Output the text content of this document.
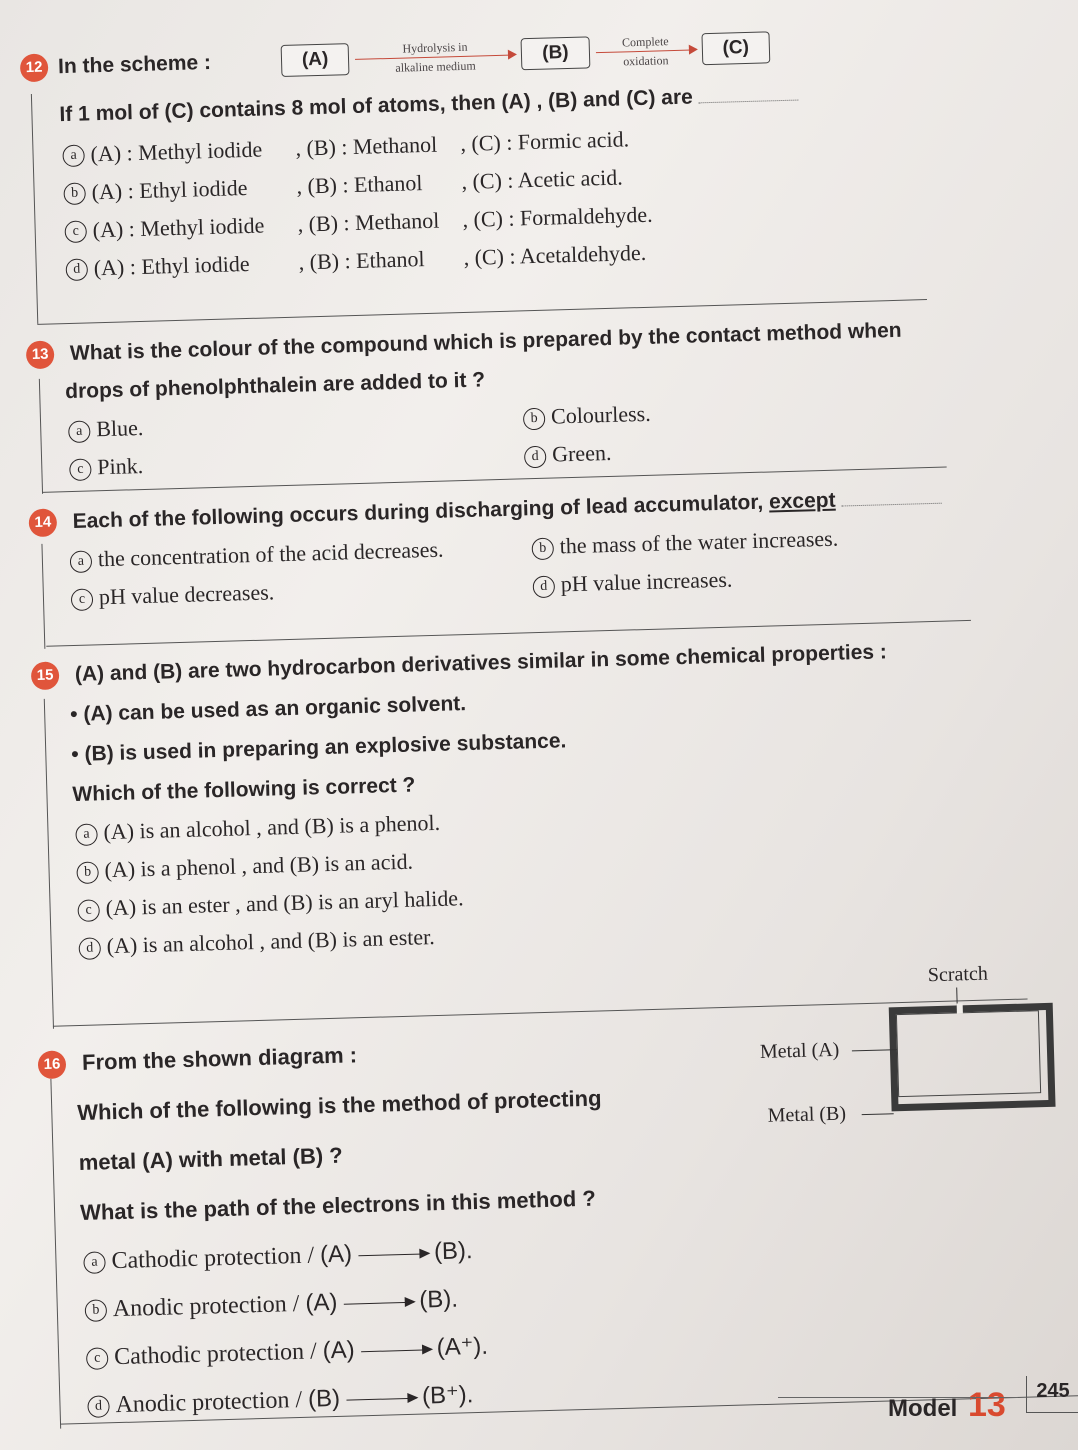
12 In the scheme :	(A)
Hydrolysis in
alkaline medium
(B)
Complete
oxidation
(C)
If 1 mol of (C) contains 8 mol of atoms, then (A) , (B) and (C) are
a (A) : Methyl iodide	, (B) : Methanol	, (C) : Formic acid.
b (A) : Ethyl iodide	, (B) : Ethanol	, (C) : Acetic acid.
c (A) : Methyl iodide	, (B) : Methanol	, (C) : Formaldehyde.
d (A) : Ethyl iodide	, (B) : Ethanol	, (C) : Acetaldehyde.
13 What is the colour of the compound which is prepared by the contact method when
drops of phenolphthalein are added to it ?
a Blue.	b Colourless.
c Pink.	d Green.
14 Each of the following occurs during discharging of lead accumulator, except
a the concentration of the acid decreases.	b the mass of the water increases.
c pH value decreases.	d pH value increases.
15 (A) and (B) are two hydrocarbon derivatives similar in some chemical properties :
• (A) can be used as an organic solvent.
• (B) is used in preparing an explosive substance.
Which of the following is correct ?
a (A) is an alcohol , and (B) is a phenol.
b (A) is a phenol , and (B) is an acid.
c (A) is an ester , and (B) is an aryl halide.
d (A) is an alcohol , and (B) is an ester.
16 From the shown diagram :
Which of the following is the method of protecting
metal (A) with metal (B) ?
What is the path of the electrons in this method ?
a Cathodic protection / (A)	(B).
b Anodic protection / (A)	(B).
c Cathodic protection / (A)	(A⁺).
d Anodic protection / (B)	(B⁺).
Scratch
Metal (A)
Metal (B)
Model 13	245
